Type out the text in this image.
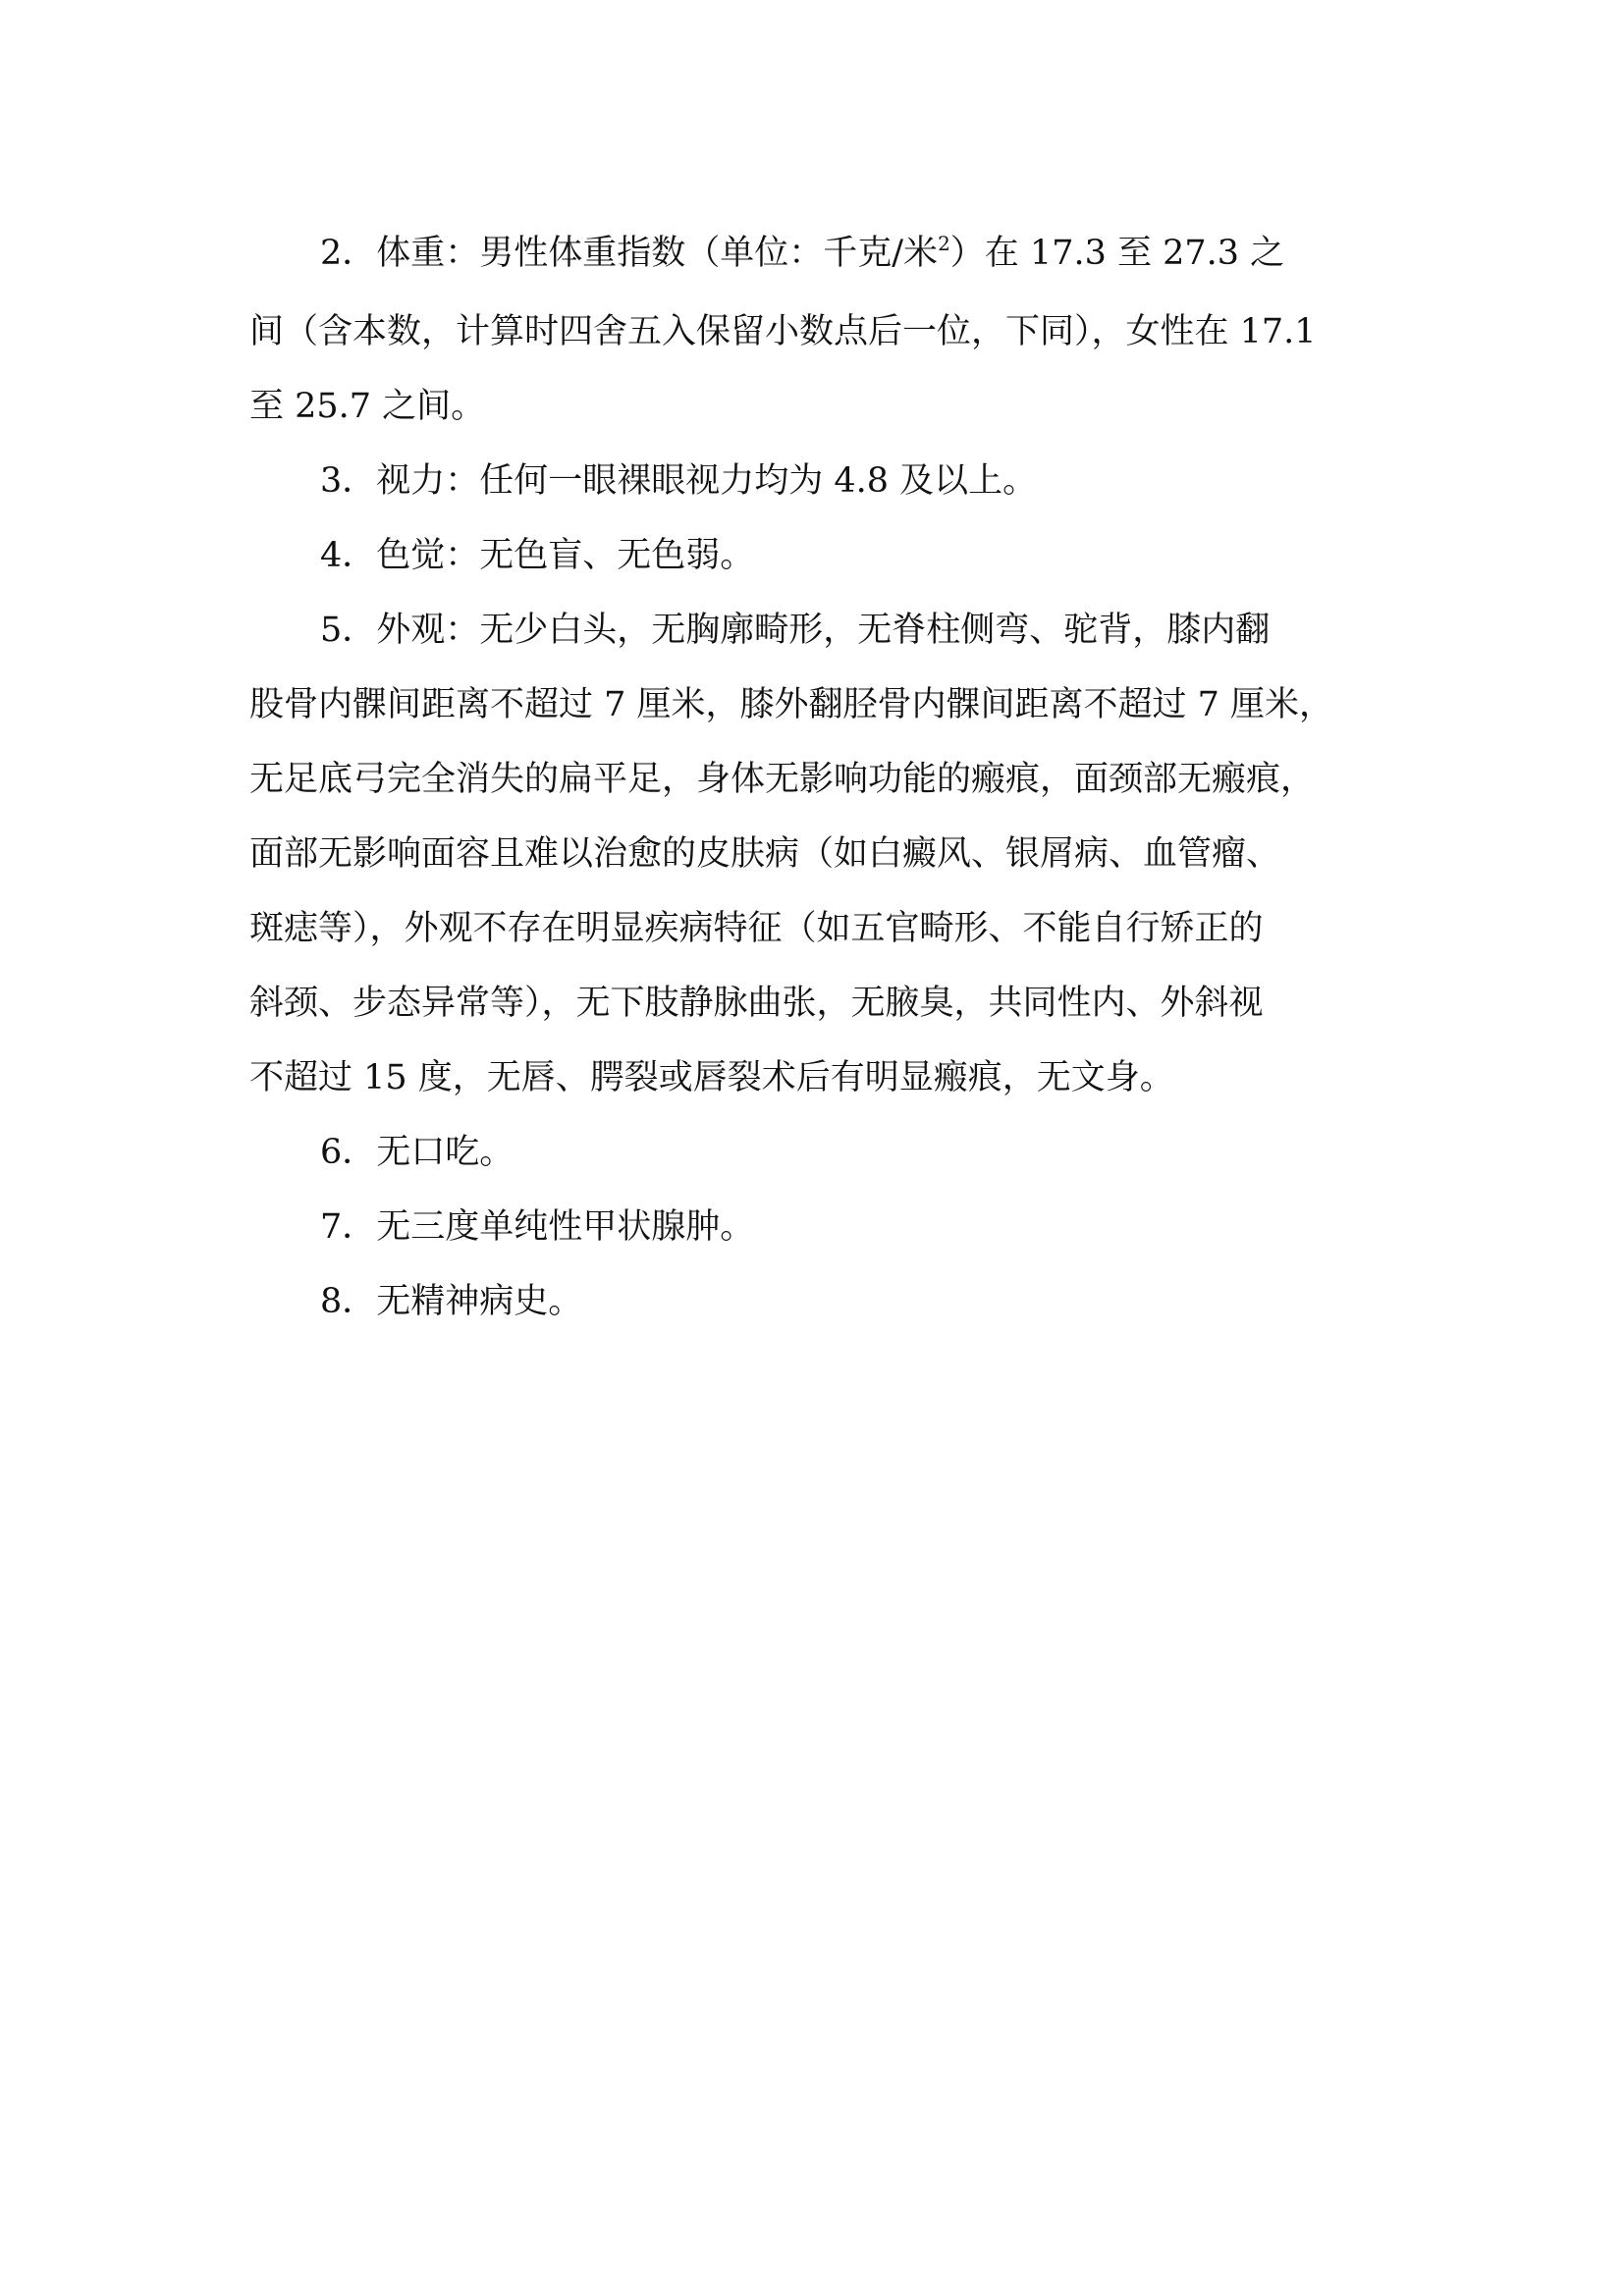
2．体重：男性体重指数（单位：千克/米$^2$）在 17.3 至 27.3 之
间（含本数，计算时四舍五入保留小数点后一位，下同），女性在 17.1
至 25.7 之间。
3．视力：任何一眼裸眼视力均为 4.8 及以上。
4．色觉：无色盲、无色弱。
5．外观：无少白头，无胸廓畸形，无脊柱侧弯、驼背，膝内翻
股骨内髁间距离不超过 7 厘米，膝外翻胫骨内髁间距离不超过 7 厘米，
无足底弓完全消失的扁平足，身体无影响功能的瘢痕，面颈部无瘢痕，
面部无影响面容且难以治愈的皮肤病（如白癜风、银屑病、血管瘤、
斑痣等），外观不存在明显疾病特征（如五官畸形、不能自行矫正的
斜颈、步态异常等），无下肢静脉曲张，无腋臭，共同性内、外斜视
不超过 15 度，无唇、腭裂或唇裂术后有明显瘢痕，无文身。
6．无口吃。
7．无三度单纯性甲状腺肿。
8．无精神病史。
